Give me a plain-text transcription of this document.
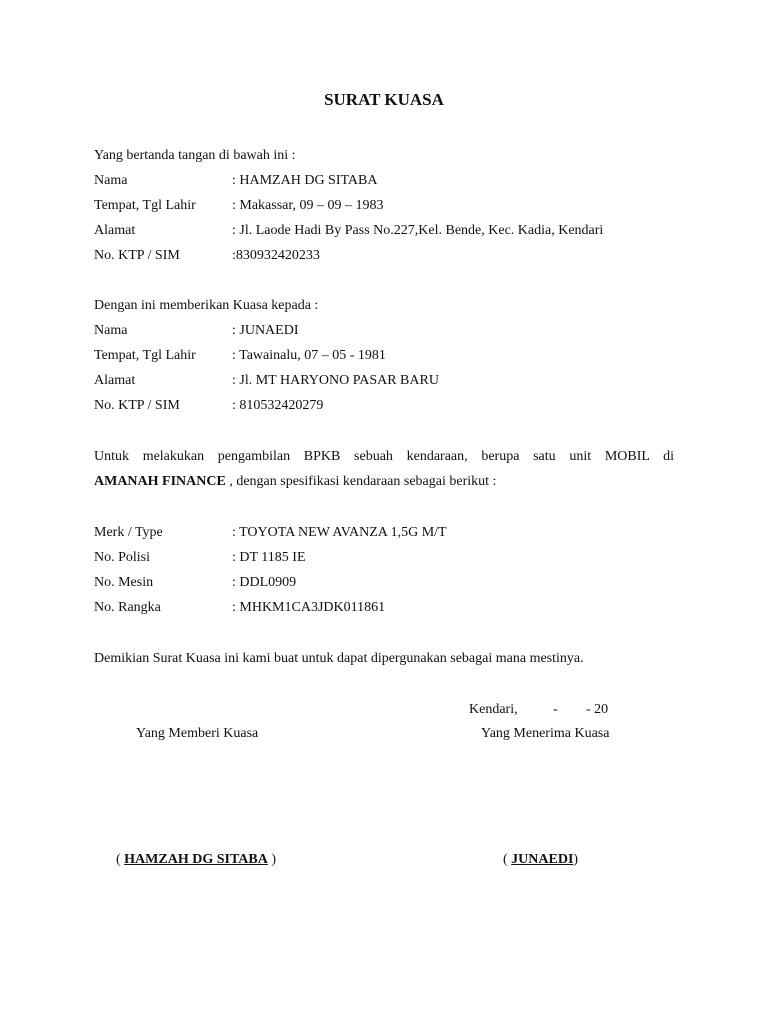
SURAT KUASA
Yang bertanda tangan di bawah ini :
Nama	: HAMZAH DG SITABA
Tempat, Tgl Lahir	: Makassar, 09 – 09 – 1983
Alamat	: Jl. Laode Hadi By Pass No.227,Kel. Bende, Kec. Kadia, Kendari
No. KTP / SIM	:830932420233
Dengan ini memberikan Kuasa kepada :
Nama	: JUNAEDI
Tempat, Tgl Lahir	: Tawainalu, 07 – 05 - 1981
Alamat	: Jl. MT HARYONO PASAR BARU
No. KTP / SIM	: 810532420279
Untuk melakukan pengambilan BPKB sebuah kendaraan, berupa satu unit MOBIL di
AMANAH FINANCE , dengan spesifikasi kendaraan sebagai berikut :
Merk / Type	: TOYOTA NEW AVANZA 1,5G M/T
No. Polisi	: DT 1185 IE
No. Mesin	: DDL0909
No. Rangka	: MHKM1CA3JDK011861
Demikian Surat Kuasa ini kami buat untuk dapat dipergunakan sebagai mana mestinya.
Kendari,	- - 20
Yang Memberi Kuasa	Yang Menerima Kuasa
( HAMZAH DG SITABA )	( JUNAEDI)
